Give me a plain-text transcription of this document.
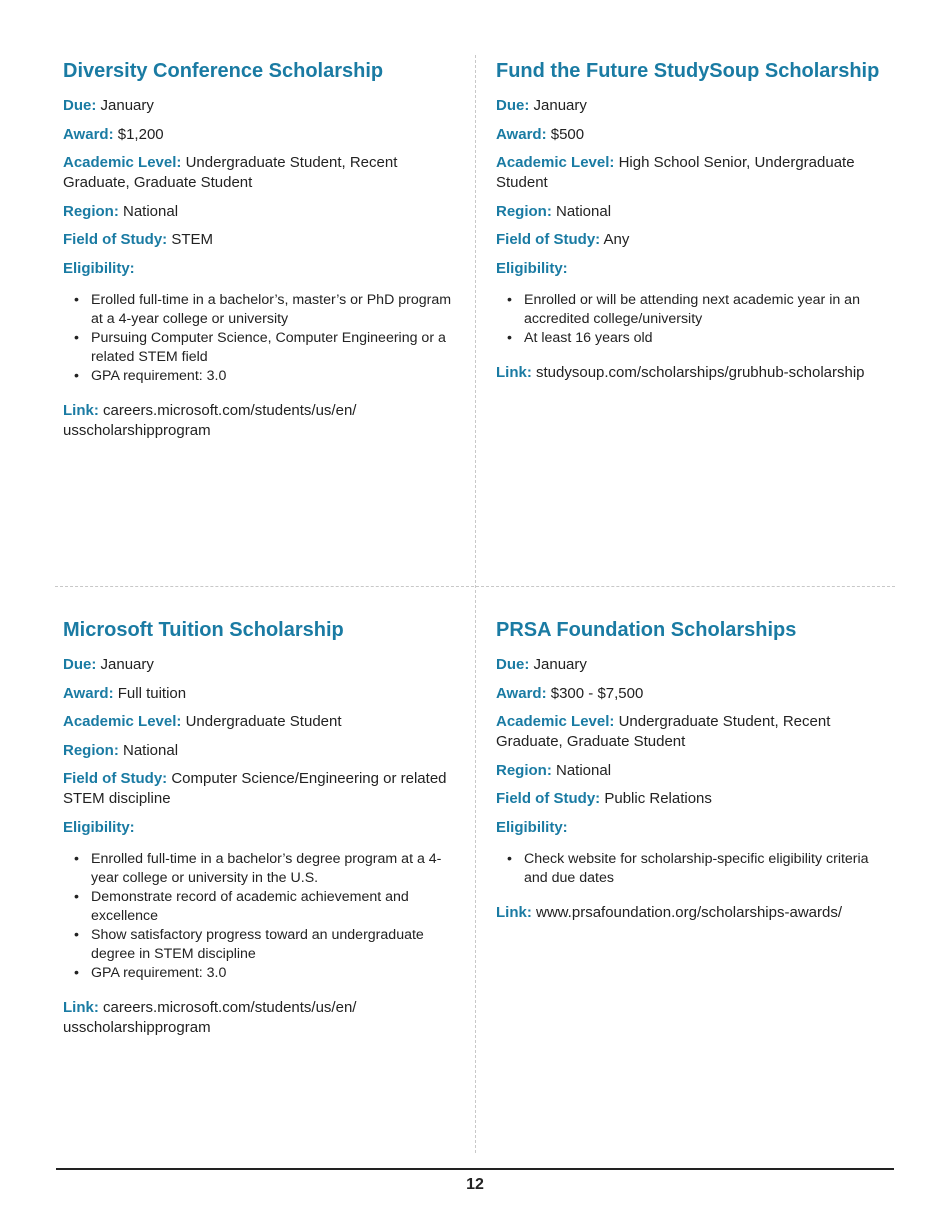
Diversity Conference Scholarship

Due: January

Award: $1,200

Academic Level: Undergraduate Student, Recent Graduate, Graduate Student

Region: National

Field of Study: STEM

Eligibility:
• Erolled full-time in a bachelor’s, master’s or PhD program at a 4-year college or university
• Pursuing Computer Science, Computer Engineering or a related STEM field
• GPA requirement: 3.0

Link: careers.microsoft.com/students/us/en/ usscholarshipprogram

Fund the Future StudySoup Scholarship

Due: January

Award: $500

Academic Level: High School Senior, Undergraduate Student

Region: National

Field of Study: Any

Eligibility:
• Enrolled or will be attending next academic year in an accredited college/university
• At least 16 years old

Link: studysoup.com/scholarships/grubhub-scholarship

Microsoft Tuition Scholarship

Due: January

Award: Full tuition

Academic Level: Undergraduate Student

Region: National

Field of Study: Computer Science/Engineering or related STEM discipline

Eligibility:
• Enrolled full-time in a bachelor’s degree program at a 4-year college or university in the U.S.
• Demonstrate record of academic achievement and excellence
• Show satisfactory progress toward an undergraduate degree in STEM discipline
• GPA requirement: 3.0

Link: careers.microsoft.com/students/us/en/ usscholarshipprogram

PRSA Foundation Scholarships

Due: January

Award: $300 - $7,500

Academic Level: Undergraduate Student, Recent Graduate, Graduate Student

Region: National

Field of Study: Public Relations

Eligibility:
• Check website for scholarship-specific eligibility criteria and due dates

Link: www.prsafoundation.org/scholarships-awards/

12
